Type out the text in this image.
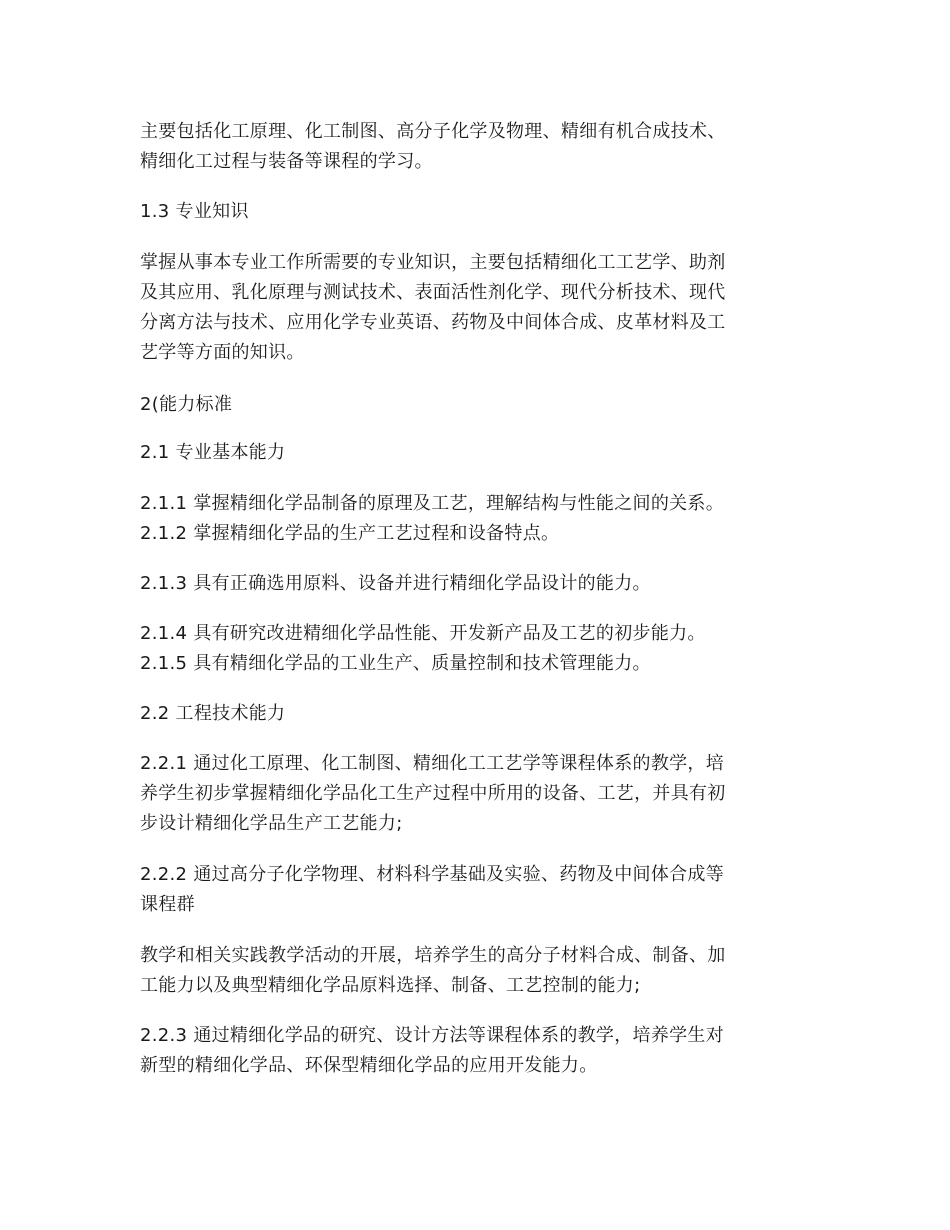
主要包括化工原理、化工制图、高分子化学及物理、精细有机合成技术、
精细化工过程与装备等课程的学习。

1.3 专业知识

掌握从事本专业工作所需要的专业知识，主要包括精细化工工艺学、助剂
及其应用、乳化原理与测试技术、表面活性剂化学、现代分析技术、现代
分离方法与技术、应用化学专业英语、药物及中间体合成、皮革材料及工
艺学等方面的知识。

2(能力标准

2.1 专业基本能力

2.1.1 掌握精细化学品制备的原理及工艺，理解结构与性能之间的关系。
2.1.2 掌握精细化学品的生产工艺过程和设备特点。

2.1.3 具有正确选用原料、设备并进行精细化学品设计的能力。

2.1.4 具有研究改进精细化学品性能、开发新产品及工艺的初步能力。
2.1.5 具有精细化学品的工业生产、质量控制和技术管理能力。

2.2 工程技术能力

2.2.1 通过化工原理、化工制图、精细化工工艺学等课程体系的教学，培
养学生初步掌握精细化学品化工生产过程中所用的设备、工艺，并具有初
步设计精细化学品生产工艺能力;

2.2.2 通过高分子化学物理、材料科学基础及实验、药物及中间体合成等
课程群

教学和相关实践教学活动的开展，培养学生的高分子材料合成、制备、加
工能力以及典型精细化学品原料选择、制备、工艺控制的能力;

2.2.3 通过精细化学品的研究、设计方法等课程体系的教学，培养学生对
新型的精细化学品、环保型精细化学品的应用开发能力。
